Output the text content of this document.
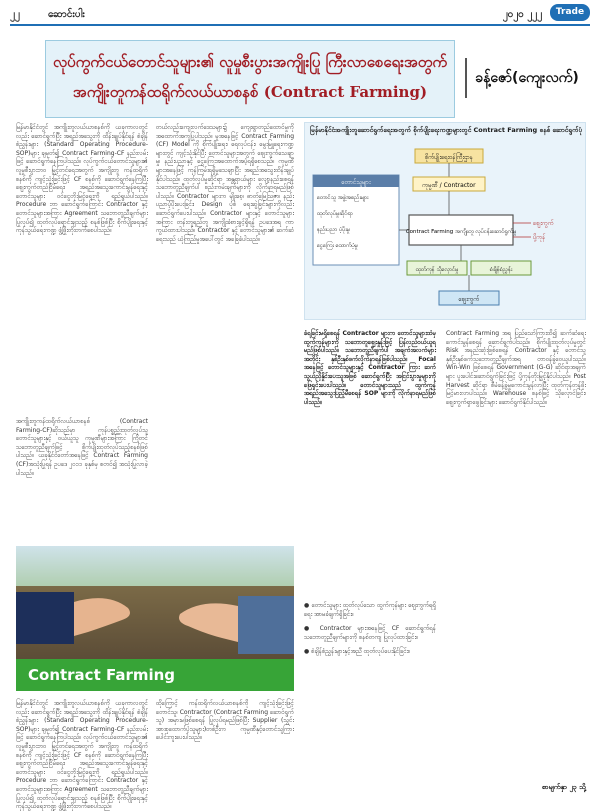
၂၂	ဆောင်းပါး	၂၀၂၀ ၂၂၂	Trade
လုပ်ကွက်ငယ်တောင်သူများ၏ လူမှုစီးပွားအကျိုးပြု ကြီးလာစေရေးအတွက်
အကျိုးတူကန်ထရိုက်လယ်ယာစနစ် (Contract Farming)
ခန့်ဇော်(ကျေးလက်)
မြန်မာနိုင်ငံတွင် အကျိုးတူလယ်ယာစနစ်ကို ယခုကာလတွင်လည်း ဆောင်ရွက်ပြီး အရည်အသွေးကို ထိန်းချုပ်နိုင်ရန် စံချိန်စံညွှန်းများ (Standard Operating Procedure- SOP)များ ချမှတ်၍ Contract Farming-CF နည်းလမ်းဖြင့် ဆောင်ရွက်နေကြပါသည်။ လုပ်ကွက်ငယ်တောင်သူများ၏ လူမှုစီးပွားဘဝ မြှင့်တင်ရေးအတွက် အကျိုးတူ ကန်ထရိုက်စနစ်ကို ကျင့်သုံးခြင်းဖြင့် CF စနစ်ကို ဆောင်ရွက်နေကြပြီး ဈေးကွက်တည်ငြိမ်ရေး၊ အရည်အသွေးကောင်းမွန်ရေးနှင့် တောင်သူများ ဝင်ငွေတိုးမြင့်ရေးကို ရည်ရွယ်ပါသည်။ Procedure ဘာ ဆောင်ရွက်ကြောင်း Contractor နှင့် တောင်သူများအကြား Agreement သဘောတူညီချက်များပြုလုပ်၍ ထုတ်လုပ်ရောင်းချသည့် စနစ်ဖြစ်ပြီး စိုက်ပျိုးရေးနှင့်ကုန်သွယ်ရေးကဏ္ဍ ဖွံ့ဖြိုးတိုးတက်စေပါသည်။
အကျိုးတူကန်ထရိုက်လယ်ယာစနစ် (Contract Farming-CF)ဆိုသည်မှာ ကုန်ပစ္စည်းထုတ်လုပ်သူ တောင်သူများနှင့် ဝယ်ယူသူ ကုမ္ပဏီများအကြား ကြိုတင်သဘောတူညီချက်ဖြင့် စိုက်ပျိုးထုတ်လုပ်သည့်စနစ်ဖြစ်ပါသည်။ ယခုနိုင်ငံတော်အနေဖြင့် Contract Farming (CF)အသုံးပြုရန် ဥပဒေ ၂၀၁၁ ခုနှစ်မှ စတင်၍ အသုံးပြုလာခဲ့ပါသည်။
တယ်လည်းကျေးလက်ဒေသများ၌ ကျေးရွာတည်ထောင်မှုကိုအထောက်အကူပြုပါသည်။ မူအနေဖြင့် Contract Farming (CF) Model ကို စိုက်ပျိုးရေး၊ ရေလုပ်ငန်း၊ မွေးမြူရေးကဏ္ဍများတွင် ကျင့်သုံးနိုင်ပြီး တောင်သူများအတွက် ဈေးကွက်သေချာမှု၊ နည်းပညာနှင့် ငွေကြေးအထောက်အပံ့ရရှိစေသည်။ ကုမ္ပဏီများအနေဖြင့် ကုန်ကြမ်းရရှိမှုသေချာပြီး အရည်အသွေးထိန်းချုပ်နိုင်ပါသည်။ ထုတ်လုပ်မှုဆိုင်ရာ အန္တရာယ်များ လျော့နည်းစေရန် သဘောတူညီချက်ပါ စည်းကမ်းချက်များကို လိုက်နာရမည်ဖြစ်ပါသည်။ Contractor များက မျိုးစေ့၊ ဓာတ်မြေဩဇာ၊ နည်းပညာပံ့ပိုးပေးခြင်း၊ Design ပုံစံ ရေးဆွဲခြင်းများကိုလည်း ဆောင်ရွက်ပေးပါသည်။ Contractor များနှင့် တောင်သူများအကြား တန်းတူရည်တူ အကျိုးခံစားခွင့်ရှိရန် ဥပဒေအရ ကာကွယ်ထားပါသည်။ Contractor နှင့် တောင်သူများ၏ ဆက်ဆံရေးသည် ယုံကြည်မှုအပေါ်တွင် အခြေခံပါသည်။
မြန်မာနိုင်ငံအကျိုးတူဆောင်ရွက်ရေးအတွက် စိုက်ပျိုးရေးကဏ္ဍများတွင် Contract Farming စနစ် ဆောင်ရွက်ပုံ
စိုက်ပျိုးရေးဝန်ကြီးဌာန
ကုမ္ပဏီ / Contractor
တောင်သူများ
တောင်သူ အဖွဲ့အစည်းများ
ထုတ်လုပ်မှုဆိုင်ရာ
နည်းပညာ ပံ့ပိုးမှု
ငွေကြေး ထောက်ပံ့မှု
Contract Farming အကျိုးတူ လုပ်ငန်းဆောင်ရွက်မှု
ဈေးကွက်
ပို့ကုန်
ထုတ်ကုန် သိုလှောင်မှု	စံချိန်စံညွှန်း
ဈေးကွက်
ခံရခြင်းမရှိစေရန် Contractor များက တောင်သူများထံမှ ထွက်ကုန်များကို သဘောတူဈေးနှုန်းဖြင့် ပြန်လည်ဝယ်ယူရမည်ဖြစ်ပါသည်။ သဘောတူညီချက်ပါ အချက်အလက်များအတိုင်း နှစ်ဦးနှစ်ဖက်လိုက်နာရန်ဖြစ်ပါသည်။ Focal အနေဖြင့် တောင်သူများနှင့် Contractor ကြား ဆက်သွယ်ညှိနှိုင်းပေးသူအဖြစ် ဆောင်ရွက်ပြီး အငြင်းပွားမှုများကို ဖြေရှင်းပေးပါသည်။ တောင်သူများသည် ထွက်ကုန်အရည်အသွေးပြည့်မီစေရန် SOP များကို လိုက်နာရမည်ဖြစ်ပါသည်။
● တောင်သူများ ထုတ်လုပ်သော ထွက်ကုန်များ ဈေးကွက်ရရှိရေး အာမခံချက်ရှိခြင်း။
● Contractor များအနေဖြင့် CF ဆောင်ရွက်ရန် သဘောတူညီချက်များကို စနစ်တကျ ပြုလုပ်ထားခြင်း။
● စံချိန်စံညွှန်းများနှင့်အညီ ထုတ်လုပ်ပေးနိုင်ခြင်း။
Contract Farming အရ ပြည်သော်ကြားထိ၍ ဆက်ဆံရေးကောင်းမွန်စေရန် ဆောင်ရွက်ပါသည်။ စိုက်ပျိုးထုတ်လုပ်မှုတွင် Risk အနည်းဆုံးဖြစ်စေရန် Contractor နှင့် တောင်သူ နှစ်ဦးနှစ်ဖက်သဘောတူညီချက်အရ တာဝန်ခွဲဝေယူပါသည်။ Win-Win ဖြစ်စေရန် Government (G-G) ဆိုင်ရာအချက်များ ပူးပေါင်းဆောင်ရွက်ခြင်းဖြင့် ပို့ကုန်တိုးမြှင့်နိုင်ပါသည်။ Post Harvest ဆိုင်ရာ စီမံခန့်ခွဲမှုကောင်းမွန်လာပြီး ထုတ်ကုန်တန်ဖိုးမြင့်မားလာပါသည်။ Warehouse စနစ်ဖြင့် သိုလှောင်ခြင်း၊ ဈေးကွက်ရှာဖွေခြင်းများ ဆောင်ရွက်နိုင်ပါသည်။
Contract Farming
မြန်မာနိုင်ငံတွင် အကျိုးတူလယ်ယာစနစ်ကို ယခုကာလတွင်လည်း ဆောင်ရွက်ပြီး အရည်အသွေးကို ထိန်းချုပ်နိုင်ရန် စံချိန်စံညွှန်းများ (Standard Operating Procedure- SOP)များ ချမှတ်၍ Contract Farming-CF နည်းလမ်းဖြင့် ဆောင်ရွက်နေကြပါသည်။ လုပ်ကွက်ငယ်တောင်သူများ၏ လူမှုစီးပွားဘဝ မြှင့်တင်ရေးအတွက် အကျိုးတူ ကန်ထရိုက်စနစ်ကို ကျင့်သုံးခြင်းဖြင့် CF စနစ်ကို ဆောင်ရွက်နေကြပြီး ဈေးကွက်တည်ငြိမ်ရေး၊ အရည်အသွေးကောင်းမွန်ရေးနှင့် တောင်သူများ ဝင်ငွေတိုးမြင့်ရေးကို ရည်ရွယ်ပါသည်။ Procedure ဘာ ဆောင်ရွက်ကြောင်း Contractor နှင့် တောင်သူများအကြား Agreement သဘောတူညီချက်များပြုလုပ်၍ ထုတ်လုပ်ရောင်းချသည့် စနစ်ဖြစ်ပြီး စိုက်ပျိုးရေးနှင့်ကုန်သွယ်ရေးကဏ္ဍ ဖွံ့ဖြိုးတိုးတက်စေပါသည်။
ထိုကြောင့် ကန်ထရိုက်လယ်ယာစနစ်ကို ကျင့်သုံးခြင်းဖြင့် တောင်သူ၊ Contractor (Contract Farming ဆောင်ရွက်သူ) အမှားမဖြစ်စေရန် ပြုလုပ်ရမည်ဖြစ်ပြီး Supplier (သွင်းအားစုထောက်ပံ့သူများ)တစ်ဦးက ကုမ္ပဏီနှင့်တောင်သူကြား ပေါင်းကူးပေးပါသည်။
စာမျက်နှာ ၂၃ သို့
